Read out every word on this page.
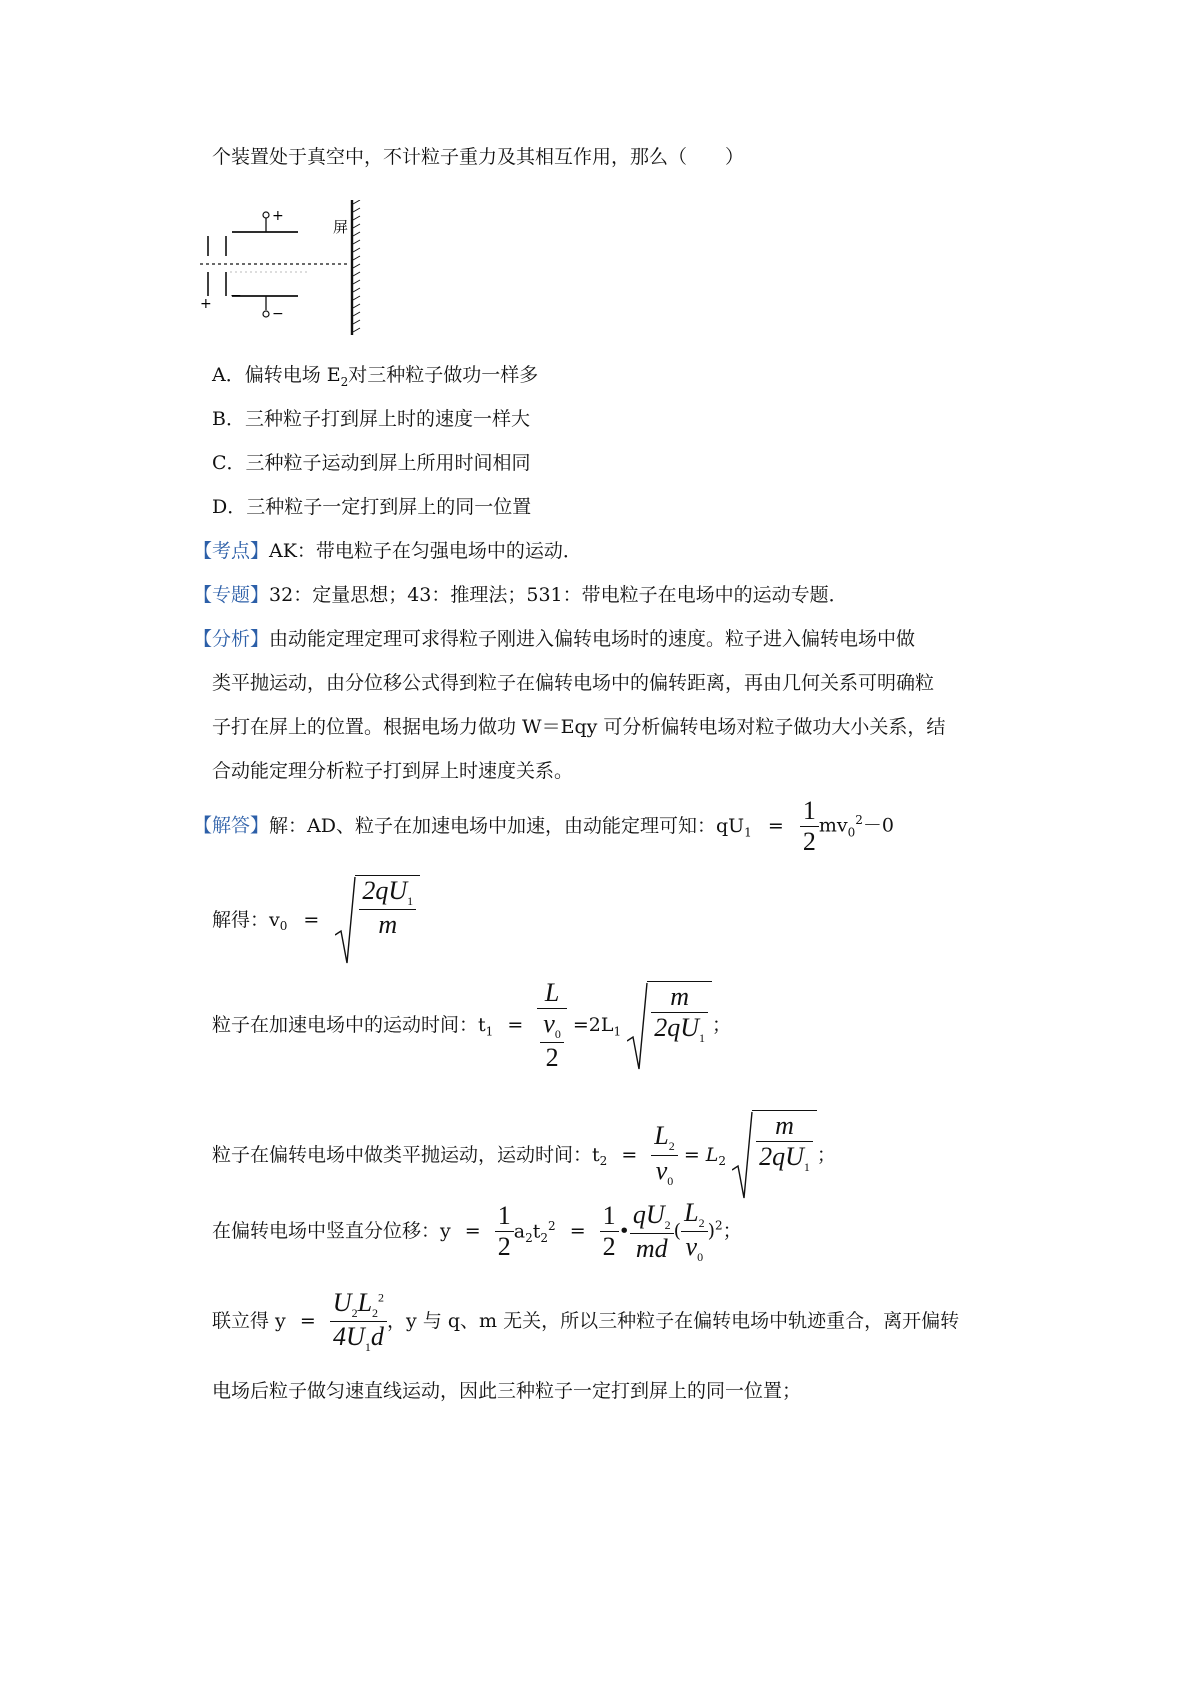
个装置处于真空中，不计粒子重力及其相互作用，那么（　　）
+
−
+ −
屏
A．偏转电场 $E_2$对三种粒子做功一样多
B．三种粒子打到屏上时的速度一样大
C．三种粒子运动到屏上所用时间相同
D．三种粒子一定打到屏上的同一位置
【考点】AK：带电粒子在匀强电场中的运动．
【专题】32：定量思想；43：推理法；531：带电粒子在电场中的运动专题．
【分析】由动能定理定理可求得粒子刚进入偏转电场时的速度。粒子进入偏转电场中做
类平抛运动，由分位移公式得到粒子在偏转电场中的偏转距离，再由几何关系可明确粒
子打在屏上的位置。根据电场力做功 W＝Eqy 可分析偏转电场对粒子做功大小关系，结
合动能定理分析粒子打到屏上时速度关系。
【解答】解：AD、粒子在加速电场中加速，由动能定理可知：$qU_1 = \frac{1}{2} mv_0^2-0$
解得：$v_0 = \frac{2qU_1}{m}$
粒子在加速电场中的运动时间：$t_1 = \frac{L}{\frac{v_0}{2}} =2L_1 \frac{m}{2qU_1}$ ；
粒子在偏转电场中做类平抛运动，运动时间：$t_2 = \frac{L_2}{v_0} = L_2 \frac{m}{2qU_1}$ ；
在偏转电场中竖直分位移：$y = \frac{1}{2} a_2t_2^2 = \frac{1}{2}$ • $\frac{qU_2}{md}$ ( $\frac{L_2}{v_0} )^2$；
联立得 $y = \frac{U_2L_2^2}{4U_1d}$ ，y 与 q、m 无关，所以三种粒子在偏转电场中轨迹重合，离开偏转
电场后粒子做匀速直线运动，因此三种粒子一定打到屏上的同一位置；
